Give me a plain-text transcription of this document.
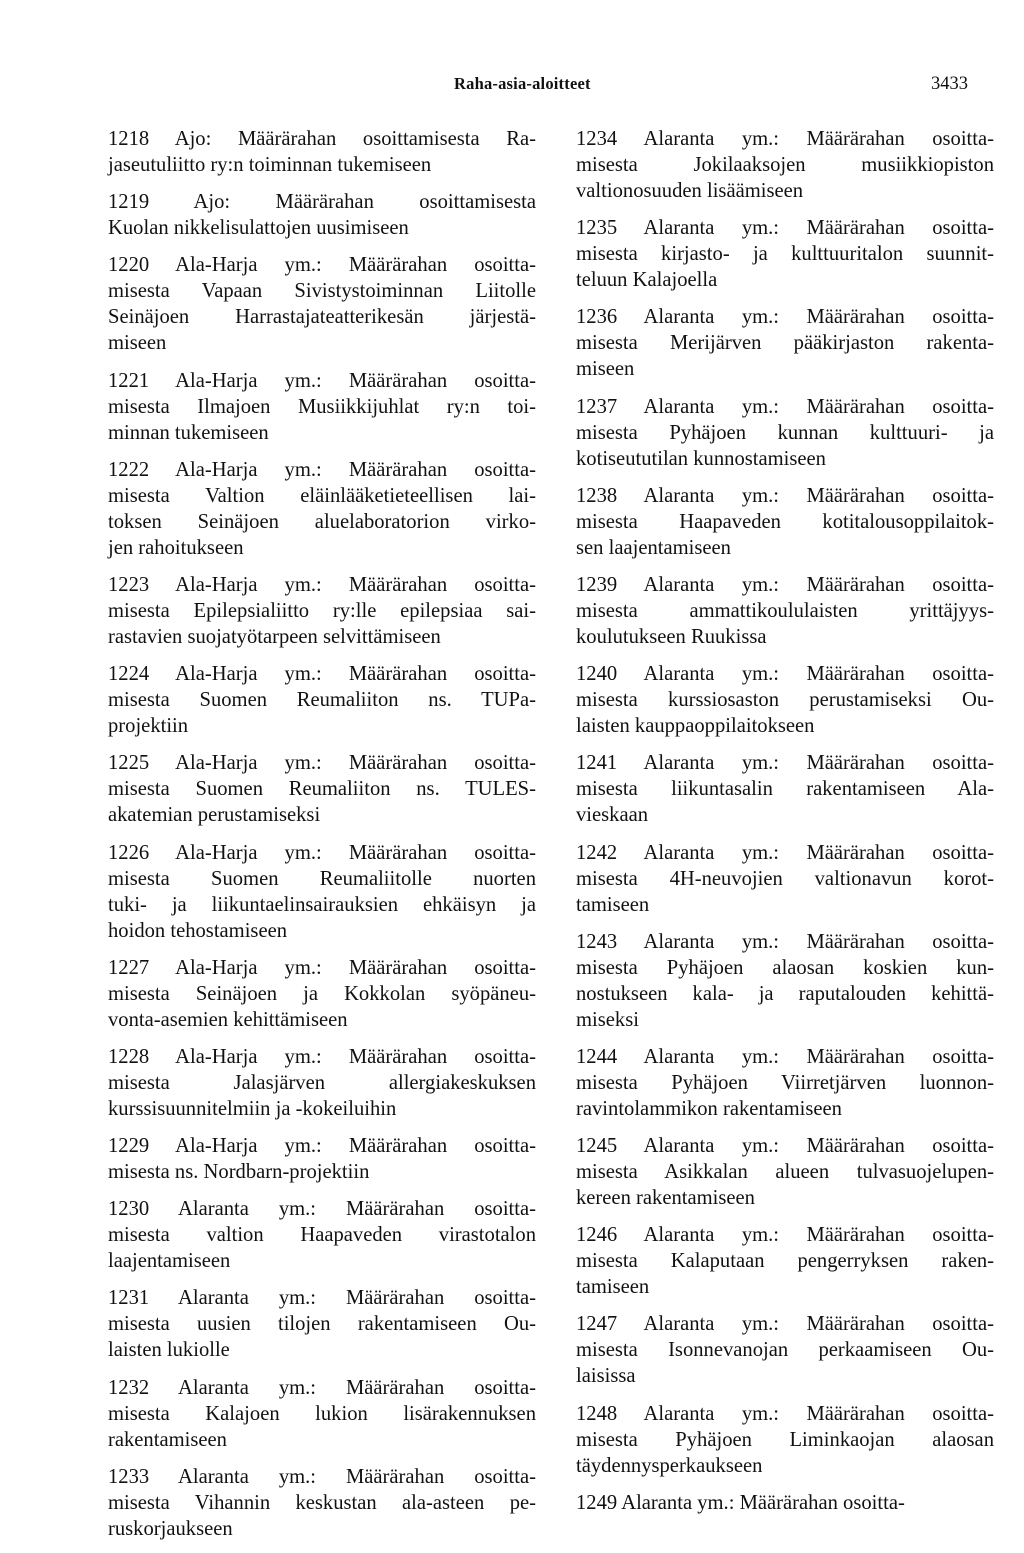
Raha-asia-aloitteet	3433
1218 Ajo: Määrärahan osoittamisesta Ra-
jaseutuliitto ry:n toiminnan tukemiseen
1219 Ajo: Määrärahan osoittamisesta
Kuolan nikkelisulattojen uusimiseen
1220 Ala-Harja ym.: Määrärahan osoitta-
misesta Vapaan Sivistystoiminnan Liitolle
Seinäjoen Harrastajateatterikesän järjestä-
miseen
1221 Ala-Harja ym.: Määrärahan osoitta-
misesta Ilmajoen Musiikkijuhlat ry:n toi-
minnan tukemiseen
1222 Ala-Harja ym.: Määrärahan osoitta-
misesta Valtion eläinlääketieteellisen lai-
toksen Seinäjoen aluelaboratorion virko-
jen rahoitukseen
1223 Ala-Harja ym.: Määrärahan osoitta-
misesta Epilepsialiitto ry:lle epilepsiaa sai-
rastavien suojatyötarpeen selvittämiseen
1224 Ala-Harja ym.: Määrärahan osoitta-
misesta Suomen Reumaliiton ns. TUPa-
projektiin
1225 Ala-Harja ym.: Määrärahan osoitta-
misesta Suomen Reumaliiton ns. TULES-
akatemian perustamiseksi
1226 Ala-Harja ym.: Määrärahan osoitta-
misesta Suomen Reumaliitolle nuorten
tuki- ja liikuntaelinsairauksien ehkäisyn ja
hoidon tehostamiseen
1227 Ala-Harja ym.: Määrärahan osoitta-
misesta Seinäjoen ja Kokkolan syöpäneu-
vonta-asemien kehittämiseen
1228 Ala-Harja ym.: Määrärahan osoitta-
misesta Jalasjärven allergiakeskuksen
kurssisuunnitelmiin ja -kokeiluihin
1229 Ala-Harja ym.: Määrärahan osoitta-
misesta ns. Nordbarn-projektiin
1230 Alaranta ym.: Määrärahan osoitta-
misesta valtion Haapaveden virastotalon
laajentamiseen
1231 Alaranta ym.: Määrärahan osoitta-
misesta uusien tilojen rakentamiseen Ou-
laisten lukiolle
1232 Alaranta ym.: Määrärahan osoitta-
misesta Kalajoen lukion lisärakennuksen
rakentamiseen
1233 Alaranta ym.: Määrärahan osoitta-
misesta Vihannin keskustan ala-asteen pe-
ruskorjaukseen
1234 Alaranta ym.: Määrärahan osoitta-
misesta Jokilaaksojen musiikkiopiston
valtionosuuden lisäämiseen
1235 Alaranta ym.: Määrärahan osoitta-
misesta kirjasto- ja kulttuuritalon suunnit-
teluun Kalajoella
1236 Alaranta ym.: Määrärahan osoitta-
misesta Merijärven pääkirjaston rakenta-
miseen
1237 Alaranta ym.: Määrärahan osoitta-
misesta Pyhäjoen kunnan kulttuuri- ja
kotiseututilan kunnostamiseen
1238 Alaranta ym.: Määrärahan osoitta-
misesta Haapaveden kotitalousoppilaitok-
sen laajentamiseen
1239 Alaranta ym.: Määrärahan osoitta-
misesta ammattikoululaisten yrittäjyys-
koulutukseen Ruukissa
1240 Alaranta ym.: Määrärahan osoitta-
misesta kurssiosaston perustamiseksi Ou-
laisten kauppaoppilaitokseen
1241 Alaranta ym.: Määrärahan osoitta-
misesta liikuntasalin rakentamiseen Ala-
vieskaan
1242 Alaranta ym.: Määrärahan osoitta-
misesta 4H-neuvojien valtionavun korot-
tamiseen
1243 Alaranta ym.: Määrärahan osoitta-
misesta Pyhäjoen alaosan koskien kun-
nostukseen kala- ja raputalouden kehittä-
miseksi
1244 Alaranta ym.: Määrärahan osoitta-
misesta Pyhäjoen Viirretjärven luonnon-
ravintolammikon rakentamiseen
1245 Alaranta ym.: Määrärahan osoitta-
misesta Asikkalan alueen tulvasuojelupen-
kereen rakentamiseen
1246 Alaranta ym.: Määrärahan osoitta-
misesta Kalaputaan pengerryksen raken-
tamiseen
1247 Alaranta ym.: Määrärahan osoitta-
misesta Isonnevanojan perkaamiseen Ou-
laisissa
1248 Alaranta ym.: Määrärahan osoitta-
misesta Pyhäjoen Liminkaojan alaosan
täydennysperkaukseen
1249 Alaranta ym.: Määrärahan osoitta-
